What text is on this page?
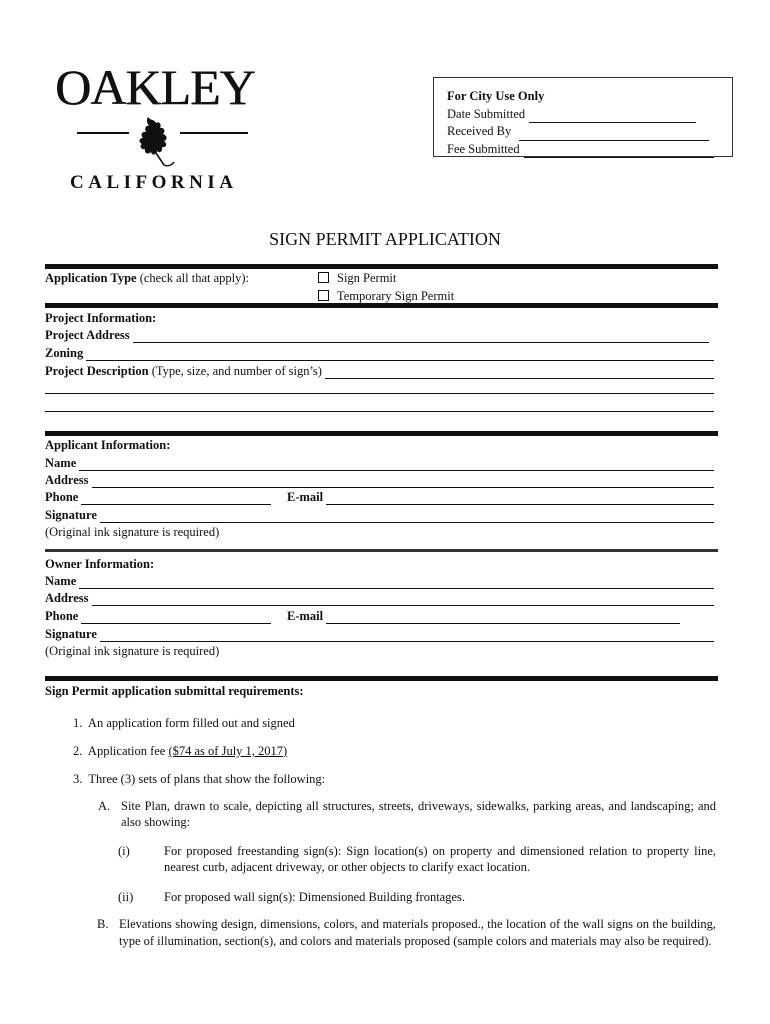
OAKLEY
CALIFORNIA
For City Use Only
Date Submitted
Received By
Fee Submitted
SIGN PERMIT APPLICATION
Application Type (check all that apply):	Sign Permit
Temporary Sign Permit
Project Information:
Project Address
Zoning
Project Description (Type, size, and number of sign’s)
Applicant Information:
Name
Address
Phone	E-mail
Signature
(Original ink signature is required)
Owner Information:
Name
Address
Phone	E-mail
Signature
(Original ink signature is required)
Sign Permit application submittal requirements:
1.  An application form filled out and signed
2.  Application fee ($74 as of July 1, 2017)
3.  Three (3) sets of plans that show the following:
A. Site Plan, drawn to scale, depicting all structures, streets, driveways, sidewalks, parking areas, and landscaping; and also showing:
(i)	For proposed freestanding sign(s): Sign location(s) on property and dimensioned relation to property line, nearest curb, adjacent driveway, or other objects to clarify exact location.
(ii) For proposed wall sign(s): Dimensioned Building frontages.
B. Elevations showing design, dimensions, colors, and materials proposed., the location of the wall signs on the building, type of illumination, section(s), and colors and materials proposed (sample colors and materials may also be required).
